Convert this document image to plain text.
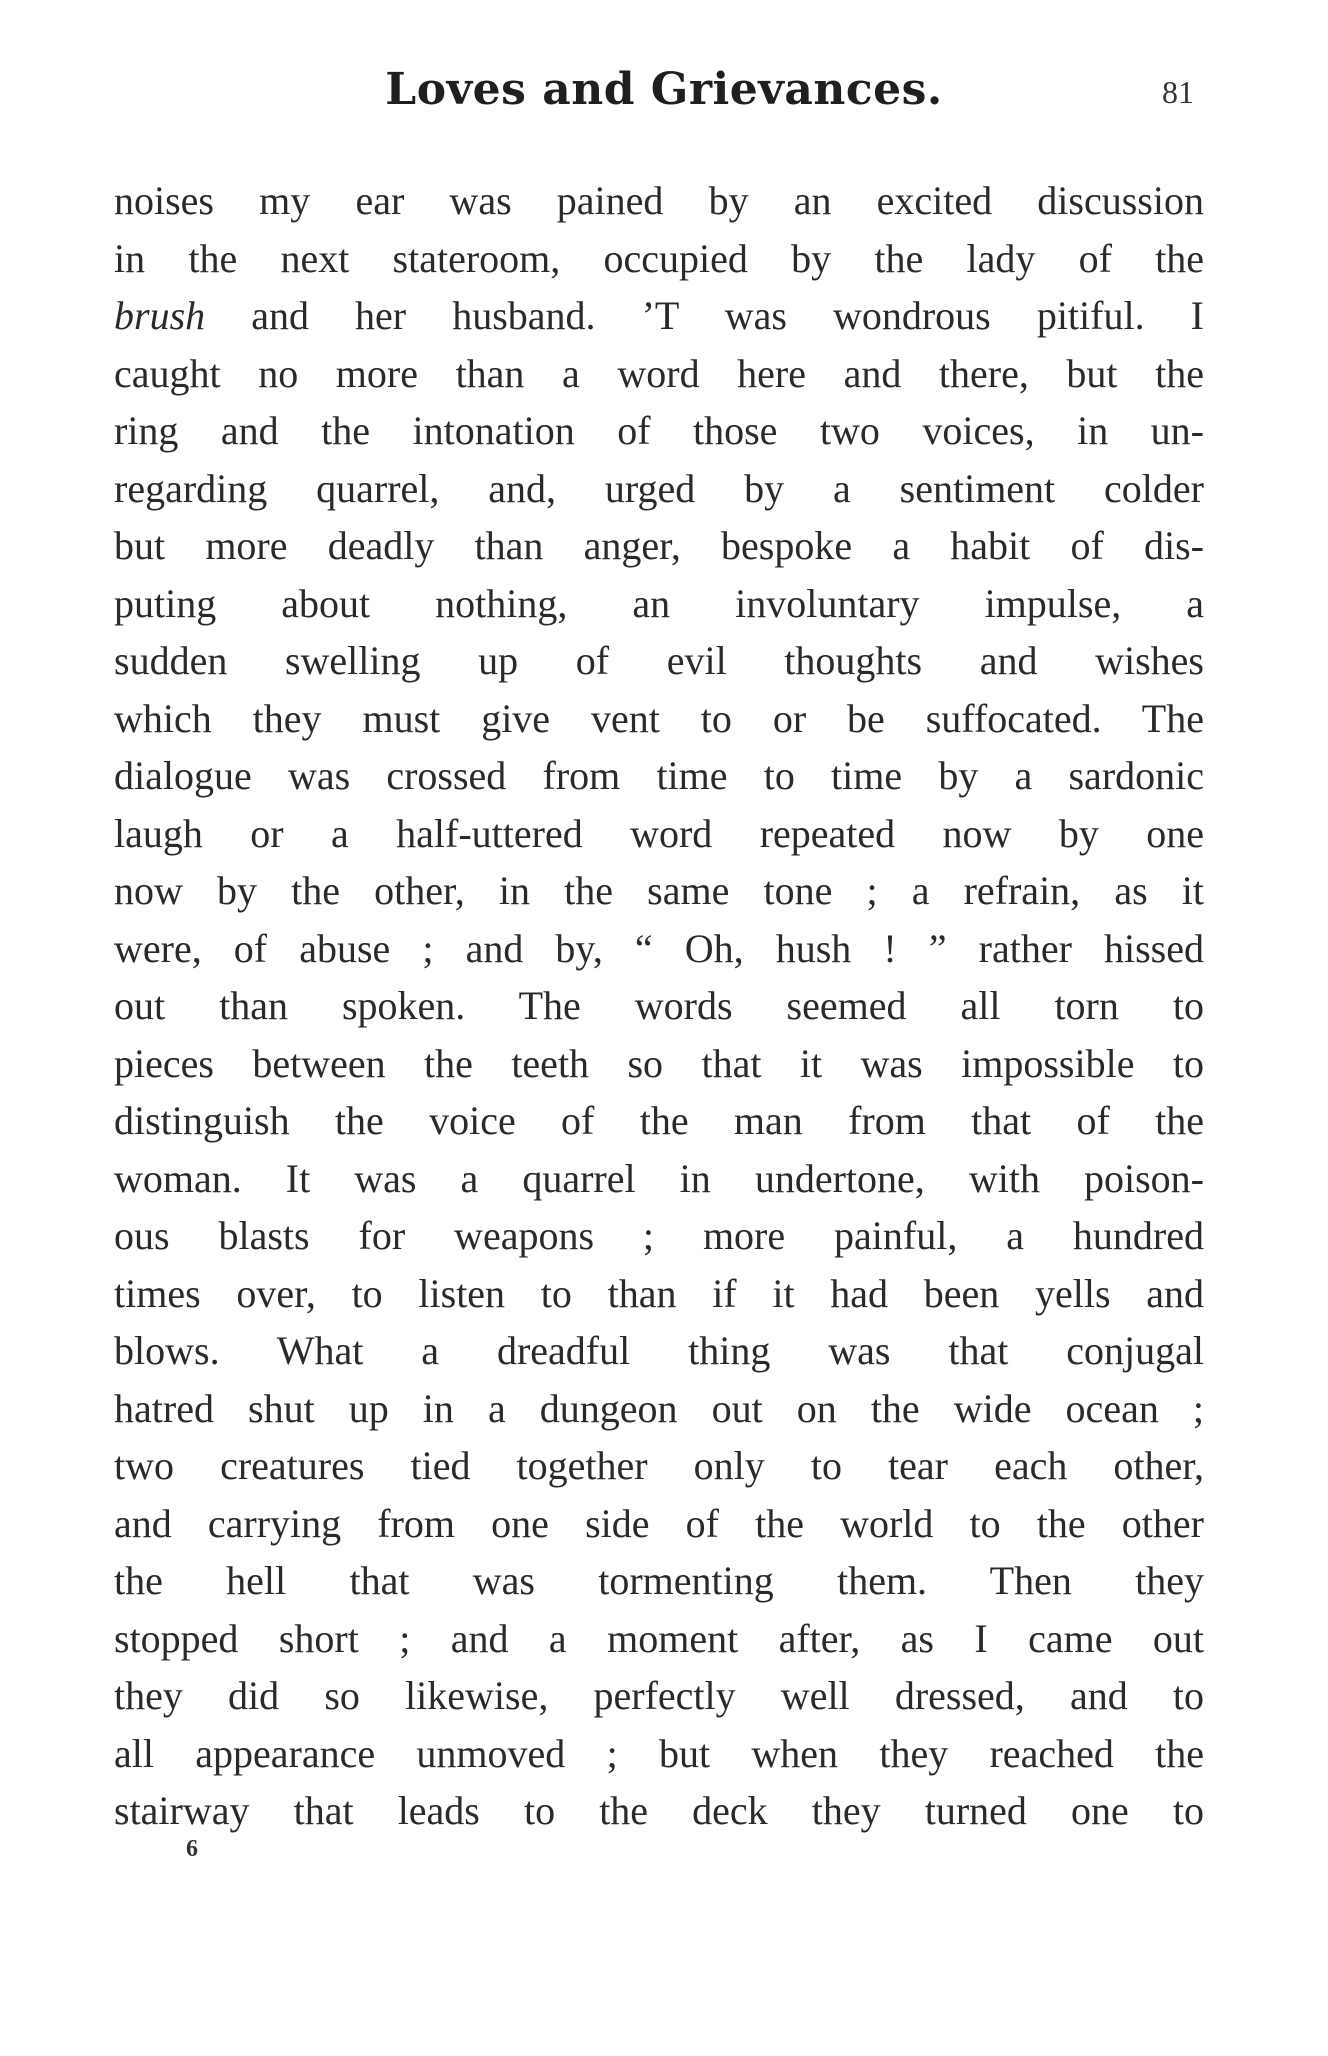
Loves and Grievances.	81
noises my ear was pained by an excited discussion
in the next stateroom, occupied by the lady of the
brush and her husband. ’T was wondrous pitiful. I
caught no more than a word here and there, but the
ring and the intonation of those two voices, in un-
regarding quarrel, and, urged by a sentiment colder
but more deadly than anger, bespoke a habit of dis-
puting about nothing, an involuntary impulse, a
sudden swelling up of evil thoughts and wishes
which they must give vent to or be suffocated. The
dialogue was crossed from time to time by a sardonic
laugh or a half-uttered word repeated now by one
now by the other, in the same tone ; a refrain, as it
were, of abuse ; and by, “ Oh, hush ! ” rather hissed
out than spoken. The words seemed all torn to
pieces between the teeth so that it was impossible to
distinguish the voice of the man from that of the
woman. It was a quarrel in undertone, with poison-
ous blasts for weapons ; more painful, a hundred
times over, to listen to than if it had been yells and
blows. What a dreadful thing was that conjugal
hatred shut up in a dungeon out on the wide ocean ;
two creatures tied together only to tear each other,
and carrying from one side of the world to the other
the hell that was tormenting them. Then they
stopped short ; and a moment after, as I came out
they did so likewise, perfectly well dressed, and to
all appearance unmoved ; but when they reached the
stairway that leads to the deck they turned one to
6
